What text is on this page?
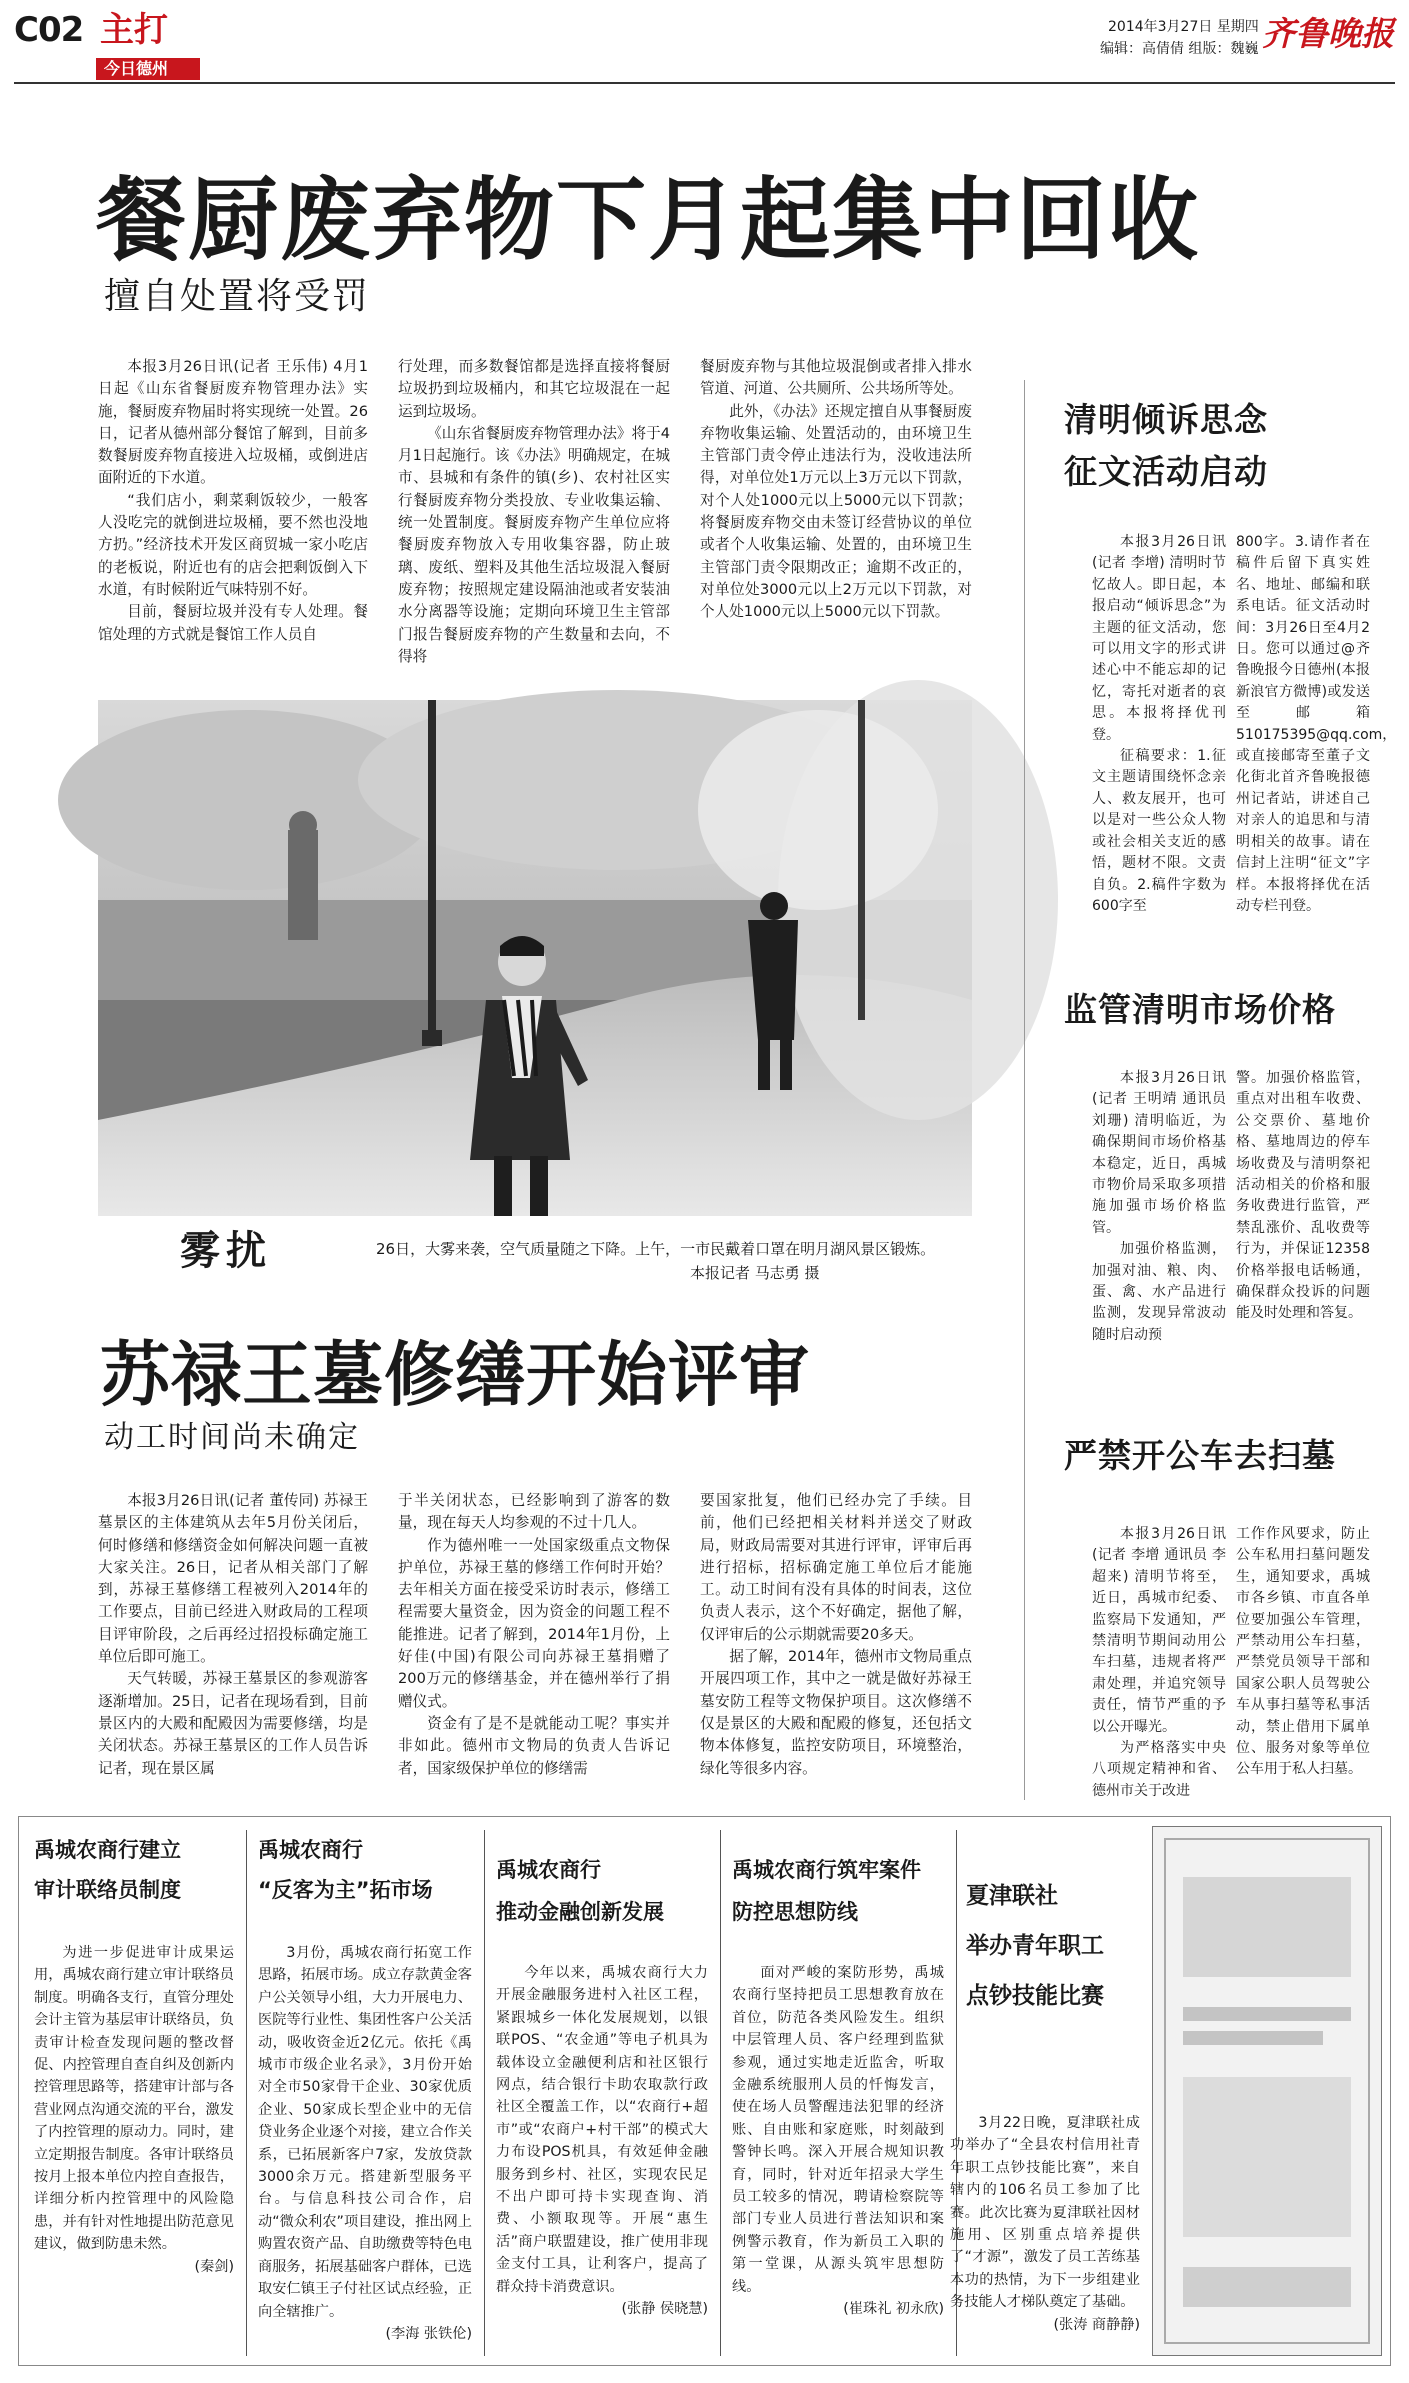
C02 主打
今日德州
2014年3月27日 星期四
编辑：高倩倩 组版：魏巍 齐鲁晚报
餐厨废弃物下月起集中回收
擅自处置将受罚

本报3月26日讯(记者 王乐伟) 4月1日起《山东省餐厨废弃物管理办法》实施，餐厨废弃物届时将实现统一处置。26日，记者从德州部分餐馆了解到，目前多数餐厨废弃物直接进入垃圾桶，或倒进店面附近的下水道。

“我们店小，剩菜剩饭较少，一般客人没吃完的就倒进垃圾桶，要不然也没地方扔。”经济技术开发区商贸城一家小吃店的老板说，附近也有的店会把剩饭倒入下水道，有时候附近气味特别不好。

目前，餐厨垃圾并没有专人处理。餐馆处理的方式就是餐馆工作人员自

行处理，而多数餐馆都是选择直接将餐厨垃圾扔到垃圾桶内，和其它垃圾混在一起运到垃圾场。

《山东省餐厨废弃物管理办法》将于4月1日起施行。该《办法》明确规定，在城市、县城和有条件的镇(乡)、农村社区实行餐厨废弃物分类投放、专业收集运输、统一处置制度。餐厨废弃物产生单位应将餐厨废弃物放入专用收集容器，防止玻璃、废纸、塑料及其他生活垃圾混入餐厨废弃物；按照规定建设隔油池或者安装油水分离器等设施；定期向环境卫生主管部门报告餐厨废弃物的产生数量和去向，不得将

餐厨废弃物与其他垃圾混倒或者排入排水管道、河道、公共厕所、公共场所等处。

此外，《办法》还规定擅自从事餐厨废弃物收集运输、处置活动的，由环境卫生主管部门责令停止违法行为，没收违法所得，对单位处1万元以上3万元以下罚款，对个人处1000元以上5000元以下罚款；将餐厨废弃物交由未签订经营协议的单位或者个人收集运输、处置的，由环境卫生主管部门责令限期改正；逾期不改正的，对单位处3000元以上2万元以下罚款，对个人处1000元以上5000元以下罚款。

雾扰	26日，大雾来袭，空气质量随之下降。上午，一市民戴着口罩在明月湖风景区锻炼。
本报记者 马志勇 摄
苏禄王墓修缮开始评审
动工时间尚未确定

本报3月26日讯(记者 董传同) 苏禄王墓景区的主体建筑从去年5月份关闭后，何时修缮和修缮资金如何解决问题一直被大家关注。26日，记者从相关部门了解到，苏禄王墓修缮工程被列入2014年的工作要点，目前已经进入财政局的工程项目评审阶段，之后再经过招投标确定施工单位后即可施工。

天气转暖，苏禄王墓景区的参观游客逐渐增加。25日，记者在现场看到，目前景区内的大殿和配殿因为需要修缮，均是关闭状态。苏禄王墓景区的工作人员告诉记者，现在景区属

于半关闭状态，已经影响到了游客的数量，现在每天人均参观的不过十几人。

作为德州唯一一处国家级重点文物保护单位，苏禄王墓的修缮工作何时开始？去年相关方面在接受采访时表示，修缮工程需要大量资金，因为资金的问题工程不能推进。记者了解到，2014年1月份，上好佳(中国)有限公司向苏禄王墓捐赠了200万元的修缮基金，并在德州举行了捐赠仪式。

资金有了是不是就能动工呢？事实并非如此。德州市文物局的负责人告诉记者，国家级保护单位的修缮需

要国家批复，他们已经办完了手续。目前，他们已经把相关材料并送交了财政局，财政局需要对其进行评审，评审后再进行招标，招标确定施工单位后才能施工。动工时间有没有具体的时间表，这位负责人表示，这个不好确定，据他了解，仅评审后的公示期就需要20多天。

据了解，2014年，德州市文物局重点开展四项工作，其中之一就是做好苏禄王墓安防工程等文物保护项目。这次修缮不仅是景区的大殿和配殿的修复，还包括文物本体修复，监控安防项目，环境整治，绿化等很多内容。

清明倾诉思念
征文活动启动

本报3月26日讯(记者 李增) 清明时节忆故人。即日起，本报启动“倾诉思念”为主题的征文活动，您可以用文字的形式讲述心中不能忘却的记忆，寄托对逝者的哀思。本报将择优刊登。

征稿要求：1.征文主题请围绕怀念亲人、救友展开，也可以是对一些公众人物或社会相关支近的感悟，题材不限。文责自负。2.稿件字数为600字至

800字。3.请作者在稿件后留下真实姓名、地址、邮编和联系电话。征文活动时间：3月26日至4月2日。您可以通过@齐鲁晚报今日德州(本报新浪官方微博)或发送至邮箱510175395@qq.com，或直接邮寄至董子文化街北首齐鲁晚报德州记者站，讲述自己对亲人的追思和与清明相关的故事。请在信封上注明“征文”字样。本报将择优在活动专栏刊登。

监管清明市场价格

本报3月26日讯(记者 王明靖 通讯员 刘珊) 清明临近，为确保期间市场价格基本稳定，近日，禹城市物价局采取多项措施加强市场价格监管。

加强价格监测，加强对油、粮、肉、蛋、禽、水产品进行监测，发现异常波动随时启动预

警。加强价格监管，重点对出租车收费、公交票价、墓地价格、墓地周边的停车场收费及与清明祭祀活动相关的价格和服务收费进行监管，严禁乱涨价、乱收费等行为，并保证12358价格举报电话畅通，确保群众投诉的问题能及时处理和答复。

严禁开公车去扫墓

本报3月26日讯(记者 李增 通讯员 李超来) 清明节将至，近日，禹城市纪委、监察局下发通知，严禁清明节期间动用公车扫墓，违规者将严肃处理，并追究领导责任，情节严重的予以公开曝光。

为严格落实中央八项规定精神和省、德州市关于改进

工作作风要求，防止公车私用扫墓问题发生，通知要求，禹城市各乡镇、市直各单位要加强公车管理，严禁动用公车扫墓，严禁党员领导干部和国家公职人员驾驶公车从事扫墓等私事活动，禁止借用下属单位、服务对象等单位公车用于私人扫墓。

禹城农商行建立
审计联络员制度

为进一步促进审计成果运用，禹城农商行建立审计联络员制度。明确各支行，直管分理处会计主管为基层审计联络员，负责审计检查发现问题的整改督促、内控管理自查自纠及创新内控管理思路等，搭建审计部与各营业网点沟通交流的平台，激发了内控管理的原动力。同时，建立定期报告制度。各审计联络员按月上报本单位内控自查报告，详细分析内控管理中的风险隐患，并有针对性地提出防范意见建议，做到防患未然。

(秦剑)
禹城农商行
“反客为主”拓市场

3月份，禹城农商行拓宽工作思路，拓展市场。成立存款黄金客户公关领导小组，大力开展电力、医院等行业性、集团性客户公关活动，吸收资金近2亿元。依托《禹城市市级企业名录》，3月份开始对全市50家骨干企业、30家优质企业、50家成长型企业中的无信贷业务企业逐个对接，建立合作关系，已拓展新客户7家，发放贷款3000余万元。搭建新型服务平台。与信息科技公司合作，启动“微众利农”项目建设，推出网上购置农资产品、自助缴费等特色电商服务，拓展基础客户群体，已选取安仁镇王子付社区试点经验，正向全辖推广。

(李海 张铁伦)
禹城农商行
推动金融创新发展

今年以来，禹城农商行大力开展金融服务进村入社区工程，紧跟城乡一体化发展规划，以银联POS、“农金通”等电子机具为载体设立金融便利店和社区银行网点，结合银行卡助农取款行政社区全覆盖工作，以“农商行+超市”或“农商户+村干部”的模式大力布设POS机具，有效延伸金融服务到乡村、社区，实现农民足不出户即可持卡实现查询、消费、小额取现等。开展“惠生活”商户联盟建设，推广使用非现金支付工具，让利客户，提高了群众持卡消费意识。

(张静 侯晓慧)
禹城农商行筑牢案件
防控思想防线

面对严峻的案防形势，禹城农商行坚持把员工思想教育放在首位，防范各类风险发生。组织中层管理人员、客户经理到监狱参观，通过实地走近监舍，听取金融系统服刑人员的忏悔发言，使在场人员警醒违法犯罪的经济账、自由账和家庭账，时刻敲到警钟长鸣。深入开展合规知识教育，同时，针对近年招录大学生员工较多的情况，聘请检察院等部门专业人员进行普法知识和案例警示教育，作为新员工入职的第一堂课，从源头筑牢思想防线。

(崔珠礼 初永欣)
夏津联社
举办青年职工
点钞技能比赛

3月22日晚，夏津联社成功举办了“全县农村信用社青年职工点钞技能比赛”，来自辖内的106名员工参加了比赛。此次比赛为夏津联社因材施用、区别重点培养提供了“才源”，激发了员工苦练基本功的热情，为下一步组建业务技能人才梯队奠定了基础。

(张涛 商静静)
